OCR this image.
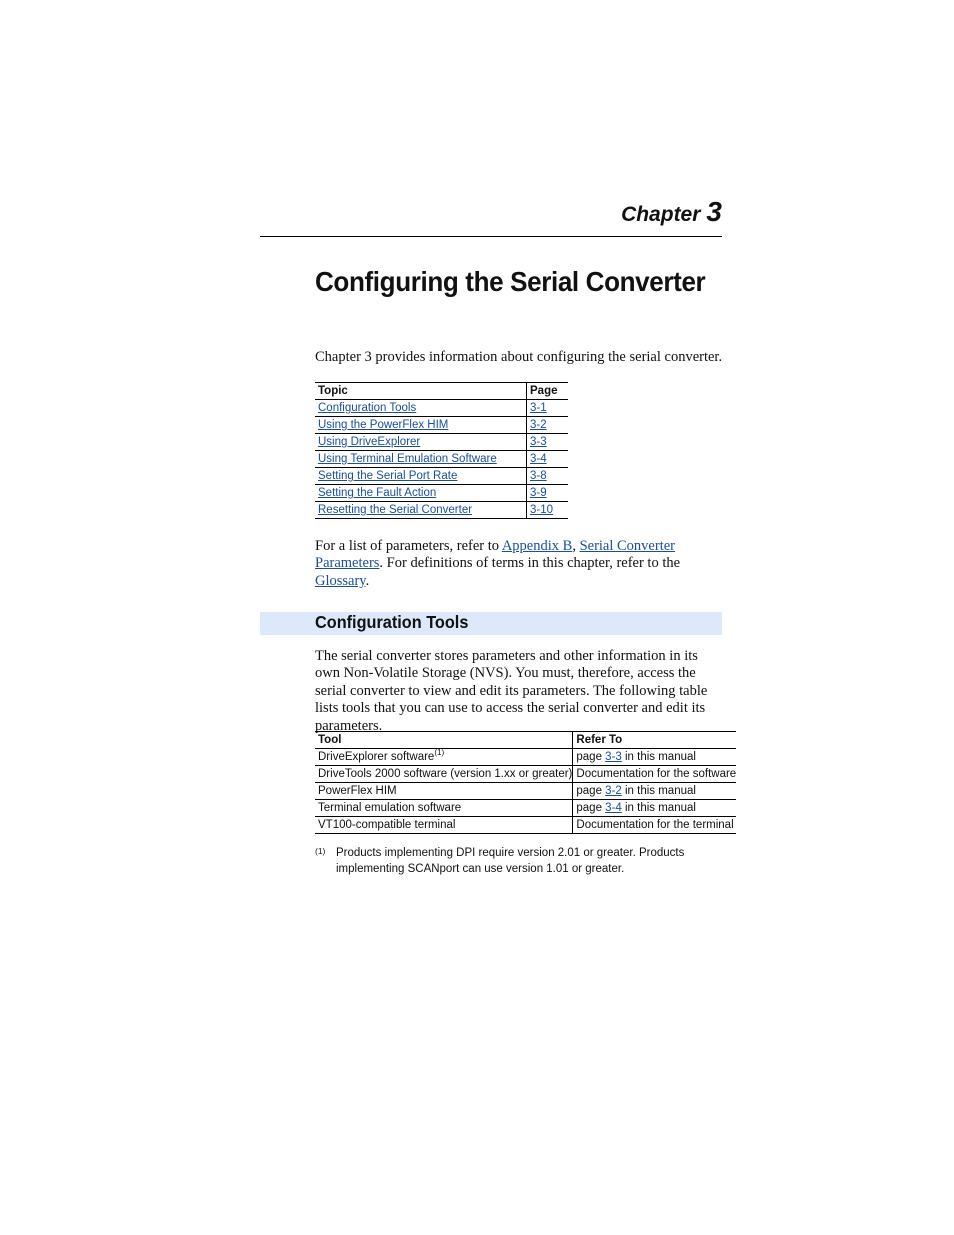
Chapter 3
Configuring the Serial Converter

Chapter 3 provides information about configuring the serial converter.

Topic	Page
Configuration Tools	3-1
Using the PowerFlex HIM	3-2
Using DriveExplorer	3-3
Using Terminal Emulation Software	3-4
Setting the Serial Port Rate	3-8
Setting the Fault Action	3-9
Resetting the Serial Converter	3-10

For a list of parameters, refer to Appendix B, Serial Converter Parameters. For definitions of terms in this chapter, refer to the Glossary.

Configuration Tools

The serial converter stores parameters and other information in its own Non-Volatile Storage (NVS). You must, therefore, access the serial converter to view and edit its parameters. The following table lists tools that you can use to access the serial converter and edit its parameters.

Tool	Refer To
DriveExplorer software$^{(1)}$	page 3-3 in this manual
DriveTools 2000 software (version 1.xx or greater)	Documentation for the software
PowerFlex HIM	page 3-2 in this manual
Terminal emulation software	page 3-4 in this manual
VT100-compatible terminal	Documentation for the terminal
(1) Products implementing DPI require version 2.01 or greater. Products implementing SCANport can use version 1.01 or greater.
